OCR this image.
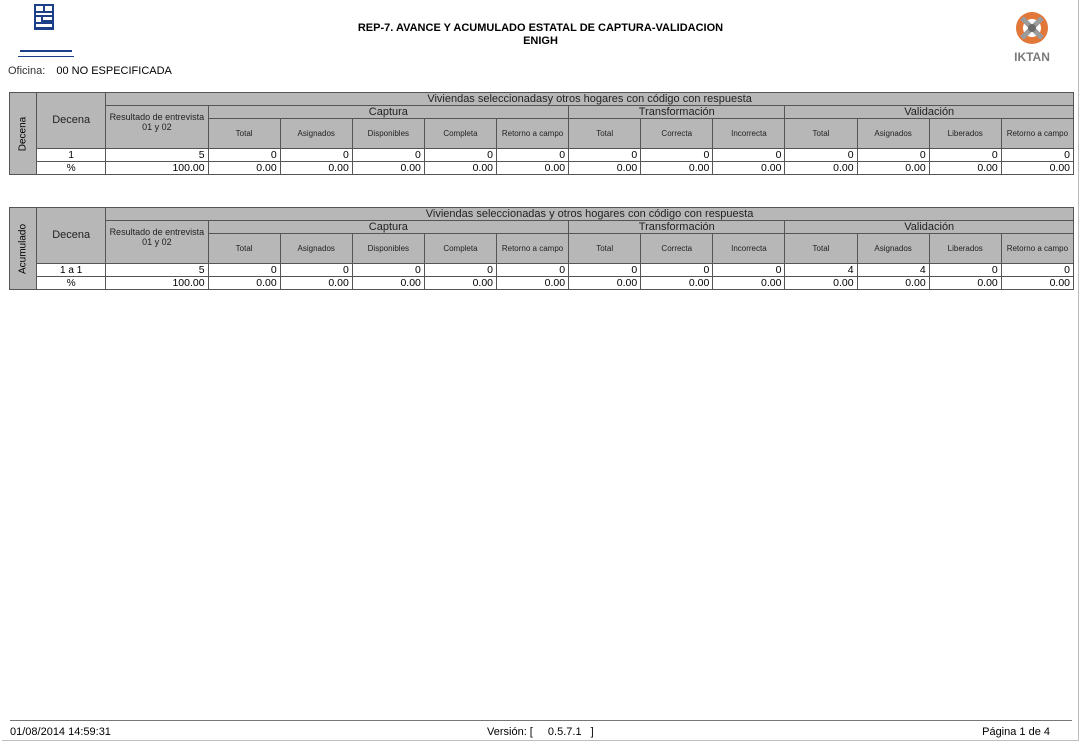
REP-7. AVANCE Y ACUMULADO ESTATAL DE CAPTURA-VALIDACION
ENIGH
IKTAN
Oficina: 00 NO ESPECIFICADA
Decena	Decena	Viviendas seleccionadasy otros hogares con código con respuesta												
		Resultado de entrevista 01 y 02	Captura					Transformación			Validación			
			Total	Asignados	Disponibles	Completa	Retorno a campo	Total	Correcta	Incorrecta	Total	Asignados	Liberados	Retorno a campo
	1	5	0	0	0	0	0	0	0	0	0	0	0	0
	%	100.00	0.00	0.00	0.00	0.00	0.00	0.00	0.00	0.00	0.00	0.00	0.00	0.00
Acumulado	Decena	Viviendas seleccionadas y otros hogares con código con respuesta												
		Resultado de entrevista 01 y 02	Captura					Transformación			Validación			
			Total	Asignados	Disponibles	Completa	Retorno a campo	Total	Correcta	Incorrecta	Total	Asignados	Liberados	Retorno a campo
	1 a 1	5	0	0	0	0	0	0	0	0	4	4	0	0
	%	100.00	0.00	0.00	0.00	0.00	0.00	0.00	0.00	0.00	0.00	0.00	0.00	0.00
01/08/2014 14:59:31	Versión: [ 0.5.7.1 ]	Página 1 de 4
